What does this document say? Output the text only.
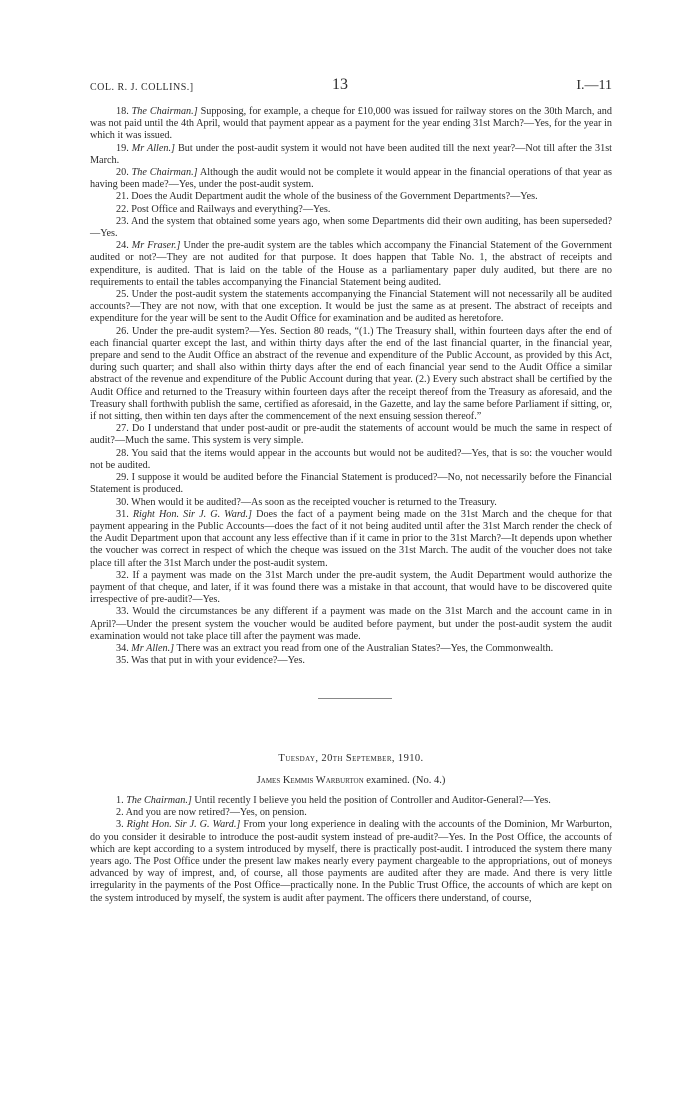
COL. R. J. COLLINS.]	13	I.—11

18. The Chairman.] Supposing, for example, a cheque for £10,000 was issued for railway stores on the 30th March, and was not paid until the 4th April, would that payment appear as a payment for the year ending 31st March?—Yes, for the year in which it was issued.

19. Mr Allen.] But under the post-audit system it would not have been audited till the next year?—Not till after the 31st March.

20. The Chairman.] Although the audit would not be complete it would appear in the financial operations of that year as having been made?—Yes, under the post-audit system.

21. Does the Audit Department audit the whole of the business of the Government Departments?—Yes.

22. Post Office and Railways and everything?—Yes.

23. And the system that obtained some years ago, when some Departments did their own auditing, has been superseded?—Yes.

24. Mr Fraser.] Under the pre-audit system are the tables which accompany the Financial Statement of the Government audited or not?—They are not audited for that purpose. It does happen that Table No. 1, the abstract of receipts and expenditure, is audited. That is laid on the table of the House as a parliamentary paper duly audited, but there are no requirements to entail the tables accompanying the Financial Statement being audited.

25. Under the post-audit system the statements accompanying the Financial Statement will not necessarily all be audited accounts?—They are not now, with that one exception. It would be just the same as at present. The abstract of receipts and expenditure for the year will be sent to the Audit Office for examination and be audited as heretofore.

26. Under the pre-audit system?—Yes. Section 80 reads, “(1.) The Treasury shall, within fourteen days after the end of each financial quarter except the last, and within thirty days after the end of the last financial quarter, in the financial year, prepare and send to the Audit Office an abstract of the revenue and expenditure of the Public Account, as provided by this Act, during such quarter; and shall also within thirty days after the end of each financial year send to the Audit Office a similar abstract of the revenue and expenditure of the Public Account during that year. (2.) Every such abstract shall be certified by the Audit Office and returned to the Treasury within fourteen days after the receipt thereof from the Treasury as aforesaid, and the Treasury shall forthwith publish the same, certified as aforesaid, in the Gazette, and lay the same before Parliament if sitting, or, if not sitting, then within ten days after the commencement of the next ensuing session thereof.”

27. Do I understand that under post-audit or pre-audit the statements of account would be much the same in respect of audit?—Much the same. This system is very simple.

28. You said that the items would appear in the accounts but would not be audited?—Yes, that is so: the voucher would not be audited.

29. I suppose it would be audited before the Financial Statement is produced?—No, not necessarily before the Financial Statement is produced.

30. When would it be audited?—As soon as the receipted voucher is returned to the Treasury.

31. Right Hon. Sir J. G. Ward.] Does the fact of a payment being made on the 31st March and the cheque for that payment appearing in the Public Accounts—does the fact of it not being audited until after the 31st March render the check of the Audit Department upon that account any less effective than if it came in prior to the 31st March?—It depends upon whether the voucher was correct in respect of which the cheque was issued on the 31st March. The audit of the voucher does not take place till after the 31st March under the post-audit system.

32. If a payment was made on the 31st March under the pre-audit system, the Audit Department would authorize the payment of that cheque, and later, if it was found there was a mistake in that account, that would have to be discovered quite irrespective of pre-audit?—Yes.

33. Would the circumstances be any different if a payment was made on the 31st March and the account came in in April?—Under the present system the voucher would be audited before payment, but under the post-audit system the audit examination would not take place till after the payment was made.

34. Mr Allen.] There was an extract you read from one of the Australian States?—Yes, the Commonwealth.

35. Was that put in with your evidence?—Yes.

Tuesday, 20th September, 1910.
James Kemmis Warburton examined. (No. 4.)

1. The Chairman.] Until recently I believe you held the position of Controller and Auditor-General?—Yes.

2. And you are now retired?—Yes, on pension.

3. Right Hon. Sir J. G. Ward.] From your long experience in dealing with the accounts of the Dominion, Mr Warburton, do you consider it desirable to introduce the post-audit system instead of pre-audit?—Yes. In the Post Office, the accounts of which are kept according to a system introduced by myself, there is practically post-audit. I introduced the system there many years ago. The Post Office under the present law makes nearly every payment chargeable to the appropriations, out of moneys advanced by way of imprest, and, of course, all those payments are audited after they are made. And there is very little irregularity in the payments of the Post Office—practically none. In the Public Trust Office, the accounts of which are kept on the system introduced by myself, the system is audit after payment. The officers there understand, of course,
